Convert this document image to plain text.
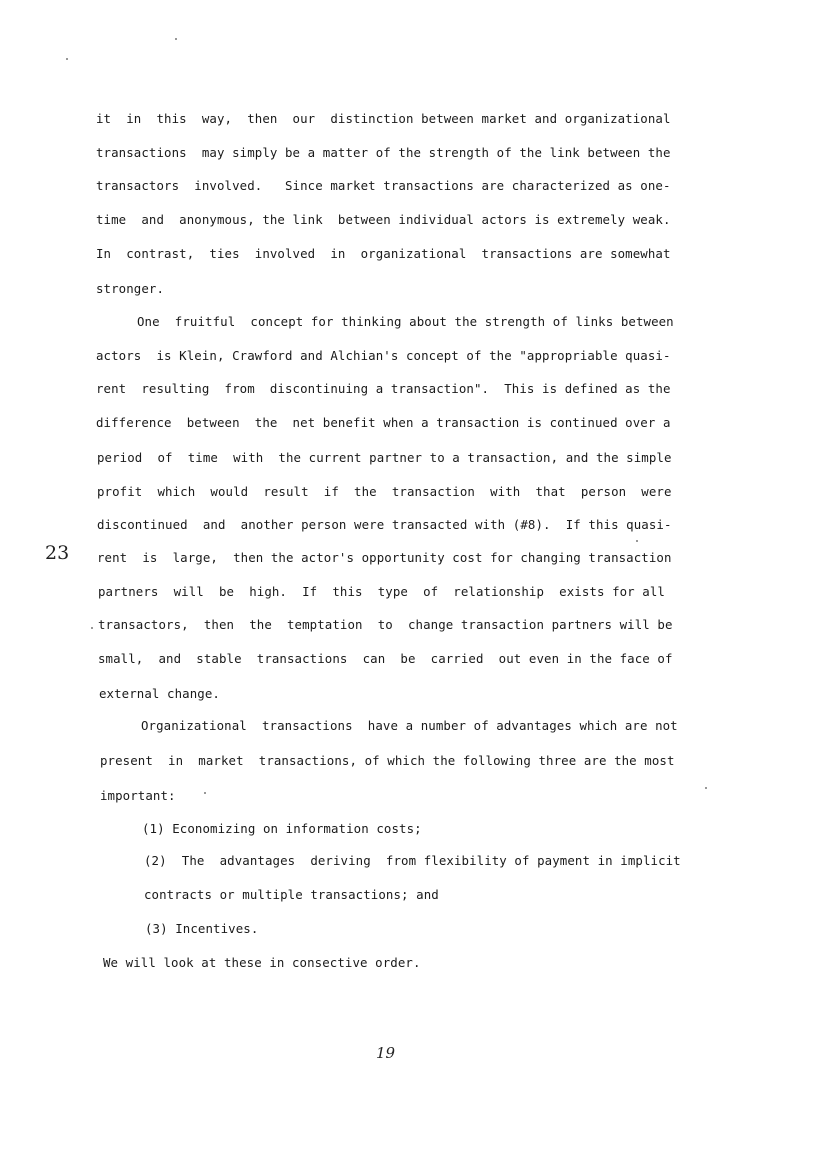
it  in  this  way,  then  our  distinction between market and organizational
transactions  may simply be a matter of the strength of the link between the
transactors  involved.   Since market transactions are characterized as one-
time  and  anonymous, the link  between individual actors is extremely weak.
In  contrast,  ties  involved  in  organizational  transactions are somewhat
stronger.
One  fruitful  concept for thinking about the strength of links between
actors  is Klein, Crawford and Alchian's concept of the "appropriable quasi-
rent  resulting  from  discontinuing a transaction".  This is defined as the
difference  between  the  net benefit when a transaction is continued over a
period  of  time  with  the current partner to a transaction, and the simple
profit  which  would  result  if  the  transaction  with  that  person  were
discontinued  and  another person were transacted with (#8).  If this quasi-
rent  is  large,  then the actor's opportunity cost for changing transaction
partners  will  be  high.  If  this  type  of  relationship  exists for all
transactors,  then  the  temptation  to  change transaction partners will be
small,  and  stable  transactions  can  be  carried  out even in the face of
external change.
Organizational  transactions  have a number of advantages which are not
present  in  market  transactions, of which the following three are the most
important:
(1) Economizing on information costs;
(2)  The  advantages  deriving  from flexibility of payment in implicit
contracts or multiple transactions; and
(3) Incentives.
We will look at these in consective order.
23
19
